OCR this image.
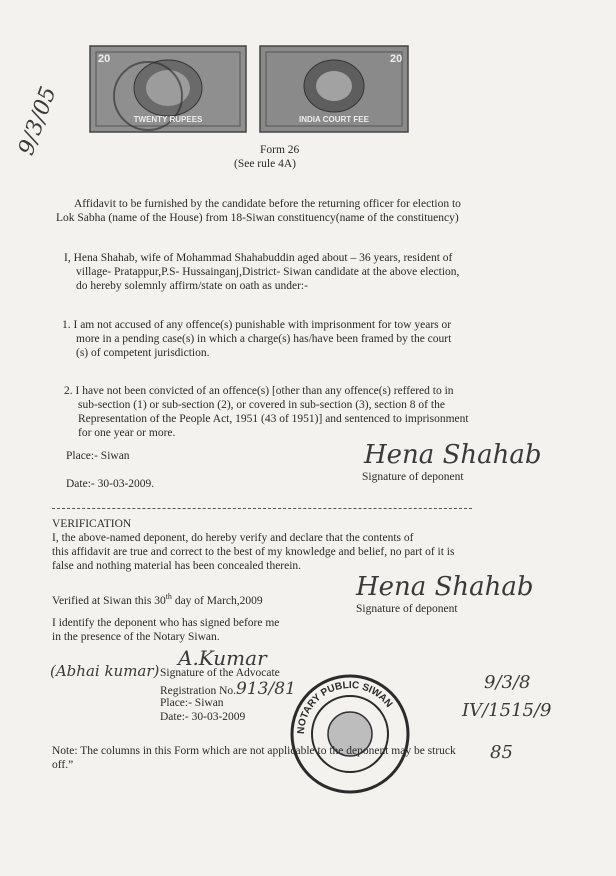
20
TWENTY RUPEES
20
INDIA COURT FEE
9/3/05	Form 26
(See rule 4A)
Affidavit to be furnished by the candidate before the returning officer for election to
Lok Sabha (name of the House) from 18-Siwan constituency(name of the constituency)
I, Hena Shahab, wife of Mohammad Shahabuddin aged about – 36 years, resident of
village- Pratappur,P.S- Hussainganj,District- Siwan candidate at the above election,
do hereby solemnly affirm/state on oath as under:-
1. I am not accused of any offence(s) punishable with imprisonment for tow years or
more in a pending case(s) in which a charge(s) has/have been framed by the court
(s) of competent jurisdiction.
2. I have not been convicted of an offence(s) [other than any offence(s) reffered to in
sub-section (1) or sub-section (2), or covered in sub-section (3), section 8 of the
Representation of the People Act, 1951 (43 of 1951)] and sentenced to imprisonment
for one year or more.
Place:- Siwan	Hena Shahab
Signature of deponent
Date:- 30-03-2009.
VERIFICATION
I, the above-named deponent, do hereby verify and declare that the contents of
this affidavit are true and correct to the best of my knowledge and belief, no part of it is
false and nothing material has been concealed therein.
Verified at Siwan this 30th day of March,2009	Hena Shahab
Signature of deponent
I identify the deponent who has signed before me
in the presence of the Notary Siwan.
(Abhai kumar)
A.Kumar
Signature of the Advocate
Registration No.913/81
Place:- Siwan
Date:- 30-03-2009
NOTARY PUBLIC SIWAN
Note: The columns in this Form which are not applicable to the deponent may be struck
off.”
9/3/8
IV/1515/9
85
